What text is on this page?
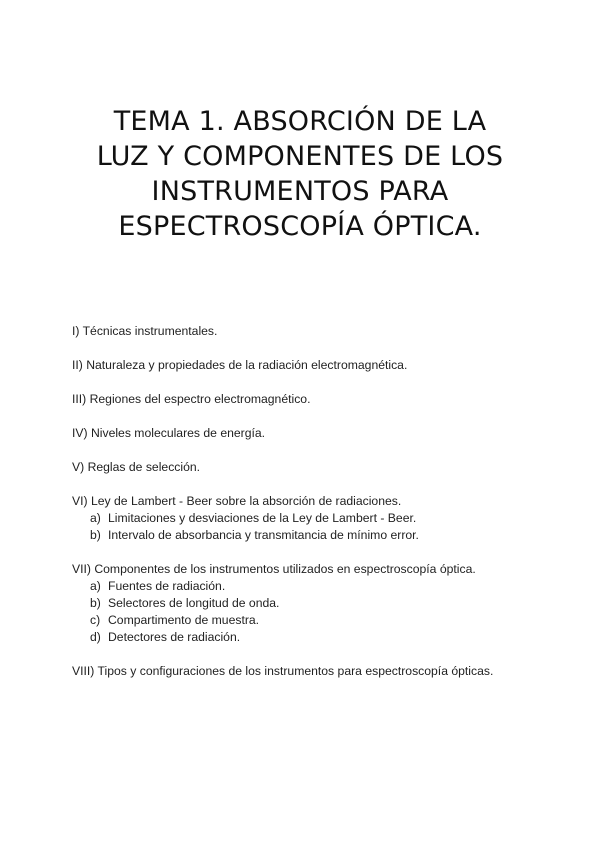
TEMA 1. ABSORCIÓN DE LA
LUZ Y COMPONENTES DE LOS
INSTRUMENTOS PARA
ESPECTROSCOPÍA ÓPTICA.
I) Técnicas instrumentales.
II) Naturaleza y propiedades de la radiación electromagnética.
III) Regiones del espectro electromagnético.
IV) Niveles moleculares de energía.
V) Reglas de selección.
VI) Ley de Lambert - Beer sobre la absorción de radiaciones.
a) Limitaciones y desviaciones de la Ley de Lambert - Beer.
b) Intervalo de absorbancia y transmitancia de mínimo error.
VII) Componentes de los instrumentos utilizados en espectroscopía óptica.
a) Fuentes de radiación.
b) Selectores de longitud de onda.
c) Compartimento de muestra.
d) Detectores de radiación.
VIII) Tipos y configuraciones de los instrumentos para espectroscopía ópticas.
